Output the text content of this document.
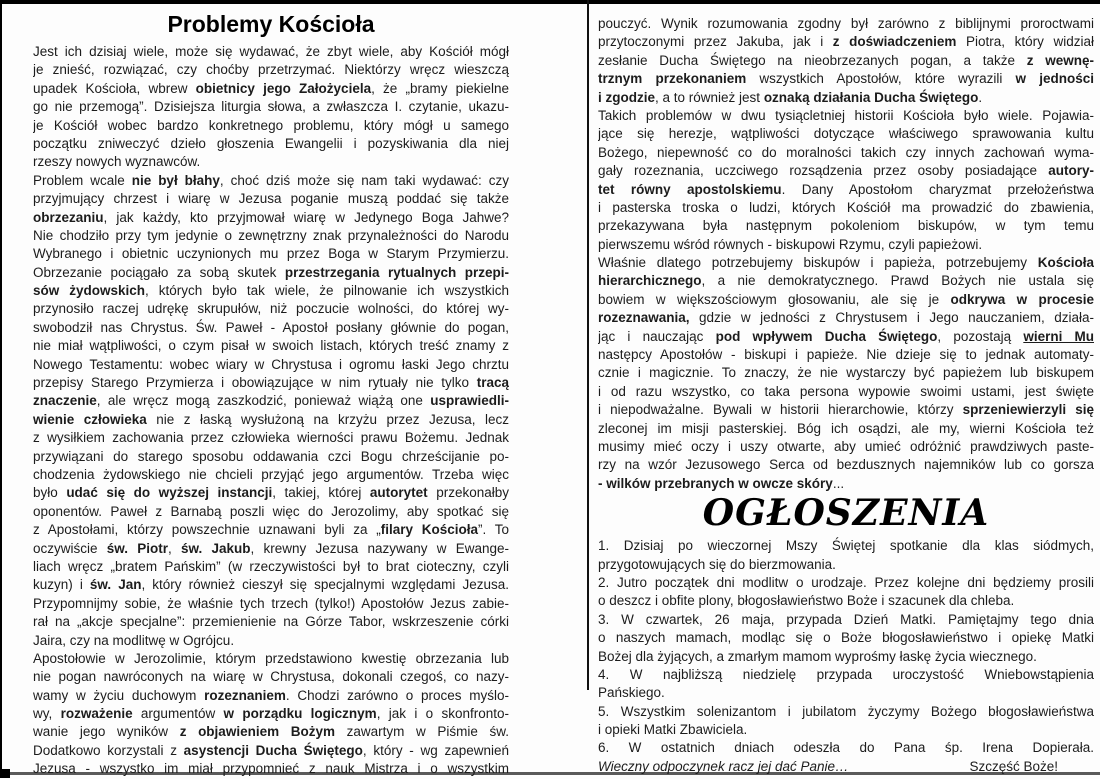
Problemy Kościoła
Jest ich dzisiaj wiele, może się wydawać, że zbyt wiele, aby Kościół mógł
je znieść, rozwiązać, czy choćby przetrzymać. Niektórzy wręcz wieszczą
upadek Kościoła, wbrew obietnicy jego Założyciela, że „bramy piekielne
go nie przemogą”. Dzisiejsza liturgia słowa, a zwłaszcza I. czytanie, ukazu-
je Kościół wobec bardzo konkretnego problemu, który mógł u samego
początku zniweczyć dzieło głoszenia Ewangelii i pozyskiwania dla niej
rzeszy nowych wyznawców.
Problem wcale nie był błahy, choć dziś może się nam taki wydawać: czy
przyjmujący chrzest i wiarę w Jezusa poganie muszą poddać się także
obrzezaniu, jak każdy, kto przyjmował wiarę w Jedynego Boga Jahwe?
Nie chodziło przy tym jedynie o zewnętrzny znak przynależności do Narodu
Wybranego i obietnic uczynionych mu przez Boga w Starym Przymierzu.
Obrzezanie pociągało za sobą skutek przestrzegania rytualnych przepi-
sów żydowskich, których było tak wiele, że pilnowanie ich wszystkich
przynosiło raczej udrękę skrupułów, niż poczucie wolności, do której wy-
swobodził nas Chrystus. Św. Paweł - Apostoł posłany głównie do pogan,
nie miał wątpliwości, o czym pisał w swoich listach, których treść znamy z
Nowego Testamentu: wobec wiary w Chrystusa i ogromu łaski Jego chrztu
przepisy Starego Przymierza i obowiązujące w nim rytuały nie tylko tracą
znaczenie, ale wręcz mogą zaszkodzić, ponieważ wiążą one usprawiedli-
wienie człowieka nie z łaską wysłużoną na krzyżu przez Jezusa, lecz
z wysiłkiem zachowania przez człowieka wierności prawu Bożemu. Jednak
przywiązani do starego sposobu oddawania czci Bogu chrześcijanie po-
chodzenia żydowskiego nie chcieli przyjąć jego argumentów. Trzeba więc
było udać się do wyższej instancji, takiej, której autorytet przekonałby
oponentów. Paweł z Barnabą poszli więc do Jerozolimy, aby spotkać się
z Apostołami, którzy powszechnie uznawani byli za „filary Kościoła”. To
oczywiście św. Piotr, św. Jakub, krewny Jezusa nazywany w Ewange-
liach wręcz „bratem Pańskim” (w rzeczywistości był to brat cioteczny, czyli
kuzyn) i św. Jan, który również cieszył się specjalnymi względami Jezusa.
Przypomnijmy sobie, że właśnie tych trzech (tylko!) Apostołów Jezus zabie-
rał na „akcje specjalne”: przemienienie na Górze Tabor, wskrzeszenie córki
Jaira, czy na modlitwę w Ogrójcu.
Apostołowie w Jerozolimie, którym przedstawiono kwestię obrzezania lub
nie pogan nawróconych na wiarę w Chrystusa, dokonali czegoś, co nazy-
wamy w życiu duchowym rozeznaniem. Chodzi zarówno o proces myślo-
wy, rozważenie argumentów w porządku logicznym, jak i o skonfronto-
wanie jego wyników z objawieniem Bożym zawartym w Piśmie św.
Dodatkowo korzystali z asystencji Ducha Świętego, który - wg zapewnień
Jezusa - wszystko im miał przypomnieć z nauk Mistrza i o wszystkim
pouczyć. Wynik rozumowania zgodny był zarówno z biblijnymi proroctwami
przytoczonymi przez Jakuba, jak i z doświadczeniem Piotra, który widział
zesłanie Ducha Świętego na nieobrzezanych pogan, a także z wewnę-
trznym przekonaniem wszystkich Apostołów, które wyrazili w jedności
i zgodzie, a to również jest oznaką działania Ducha Świętego.
Takich problemów w dwu tysiącletniej historii Kościoła było wiele. Pojawia-
jące się herezje, wątpliwości dotyczące właściwego sprawowania kultu
Bożego, niepewność co do moralności takich czy innych zachowań wyma-
gały rozeznania, uczciwego rozsądzenia przez osoby posiadające autory-
tet równy apostolskiemu. Dany Apostołom charyzmat przełożeństwa
i pasterska troska o ludzi, których Kościół ma prowadzić do zbawienia,
przekazywana była następnym pokoleniom biskupów, w tym temu
pierwszemu wśród równych - biskupowi Rzymu, czyli papieżowi.
Właśnie dlatego potrzebujemy biskupów i papieża, potrzebujemy Kościoła
hierarchicznego, a nie demokratycznego. Prawd Bożych nie ustala się
bowiem w większościowym głosowaniu, ale się je odkrywa w procesie
rozeznawania, gdzie w jedności z Chrystusem i Jego nauczaniem, działa-
jąc i nauczając pod wpływem Ducha Świętego, pozostają wierni Mu
następcy Apostołów - biskupi i papieże. Nie dzieje się to jednak automaty-
cznie i magicznie. To znaczy, że nie wystarczy być papieżem lub biskupem
i od razu wszystko, co taka persona wypowie swoimi ustami, jest święte
i niepodważalne. Bywali w historii hierarchowie, którzy sprzeniewierzyli się
zleconej im misji pasterskiej. Bóg ich osądzi, ale my, wierni Kościoła też
musimy mieć oczy i uszy otwarte, aby umieć odróżnić prawdziwych paste-
rzy na wzór Jezusowego Serca od bezdusznych najemników lub co gorsza
- wilków przebranych w owcze skóry...
OGŁOSZENIA
1. Dzisiaj po wieczornej Mszy Świętej spotkanie dla klas siódmych,
przygotowujących się do bierzmowania.
2. Jutro początek dni modlitw o urodzaje. Przez kolejne dni będziemy prosili
o deszcz i obfite plony, błogosławieństwo Boże i szacunek dla chleba.
3. W czwartek, 26 maja, przypada Dzień Matki. Pamiętajmy tego dnia
o naszych mamach, modląc się o Boże błogosławieństwo i opiekę Matki
Bożej dla żyjących, a zmarłym mamom wyprośmy łaskę życia wiecznego.
4. W najbliższą niedzielę przypada uroczystość Wniebowstąpienia
Pańskiego.
5. Wszystkim solenizantom i jubilatom życzymy Bożego błogosławieństwa
i opieki Matki Zbawiciela.
6. W ostatnich dniach odeszła do Pana śp. Irena Dopierała.
Wieczny odpoczynek racz jej dać Panie…	Szczęść Boże!
